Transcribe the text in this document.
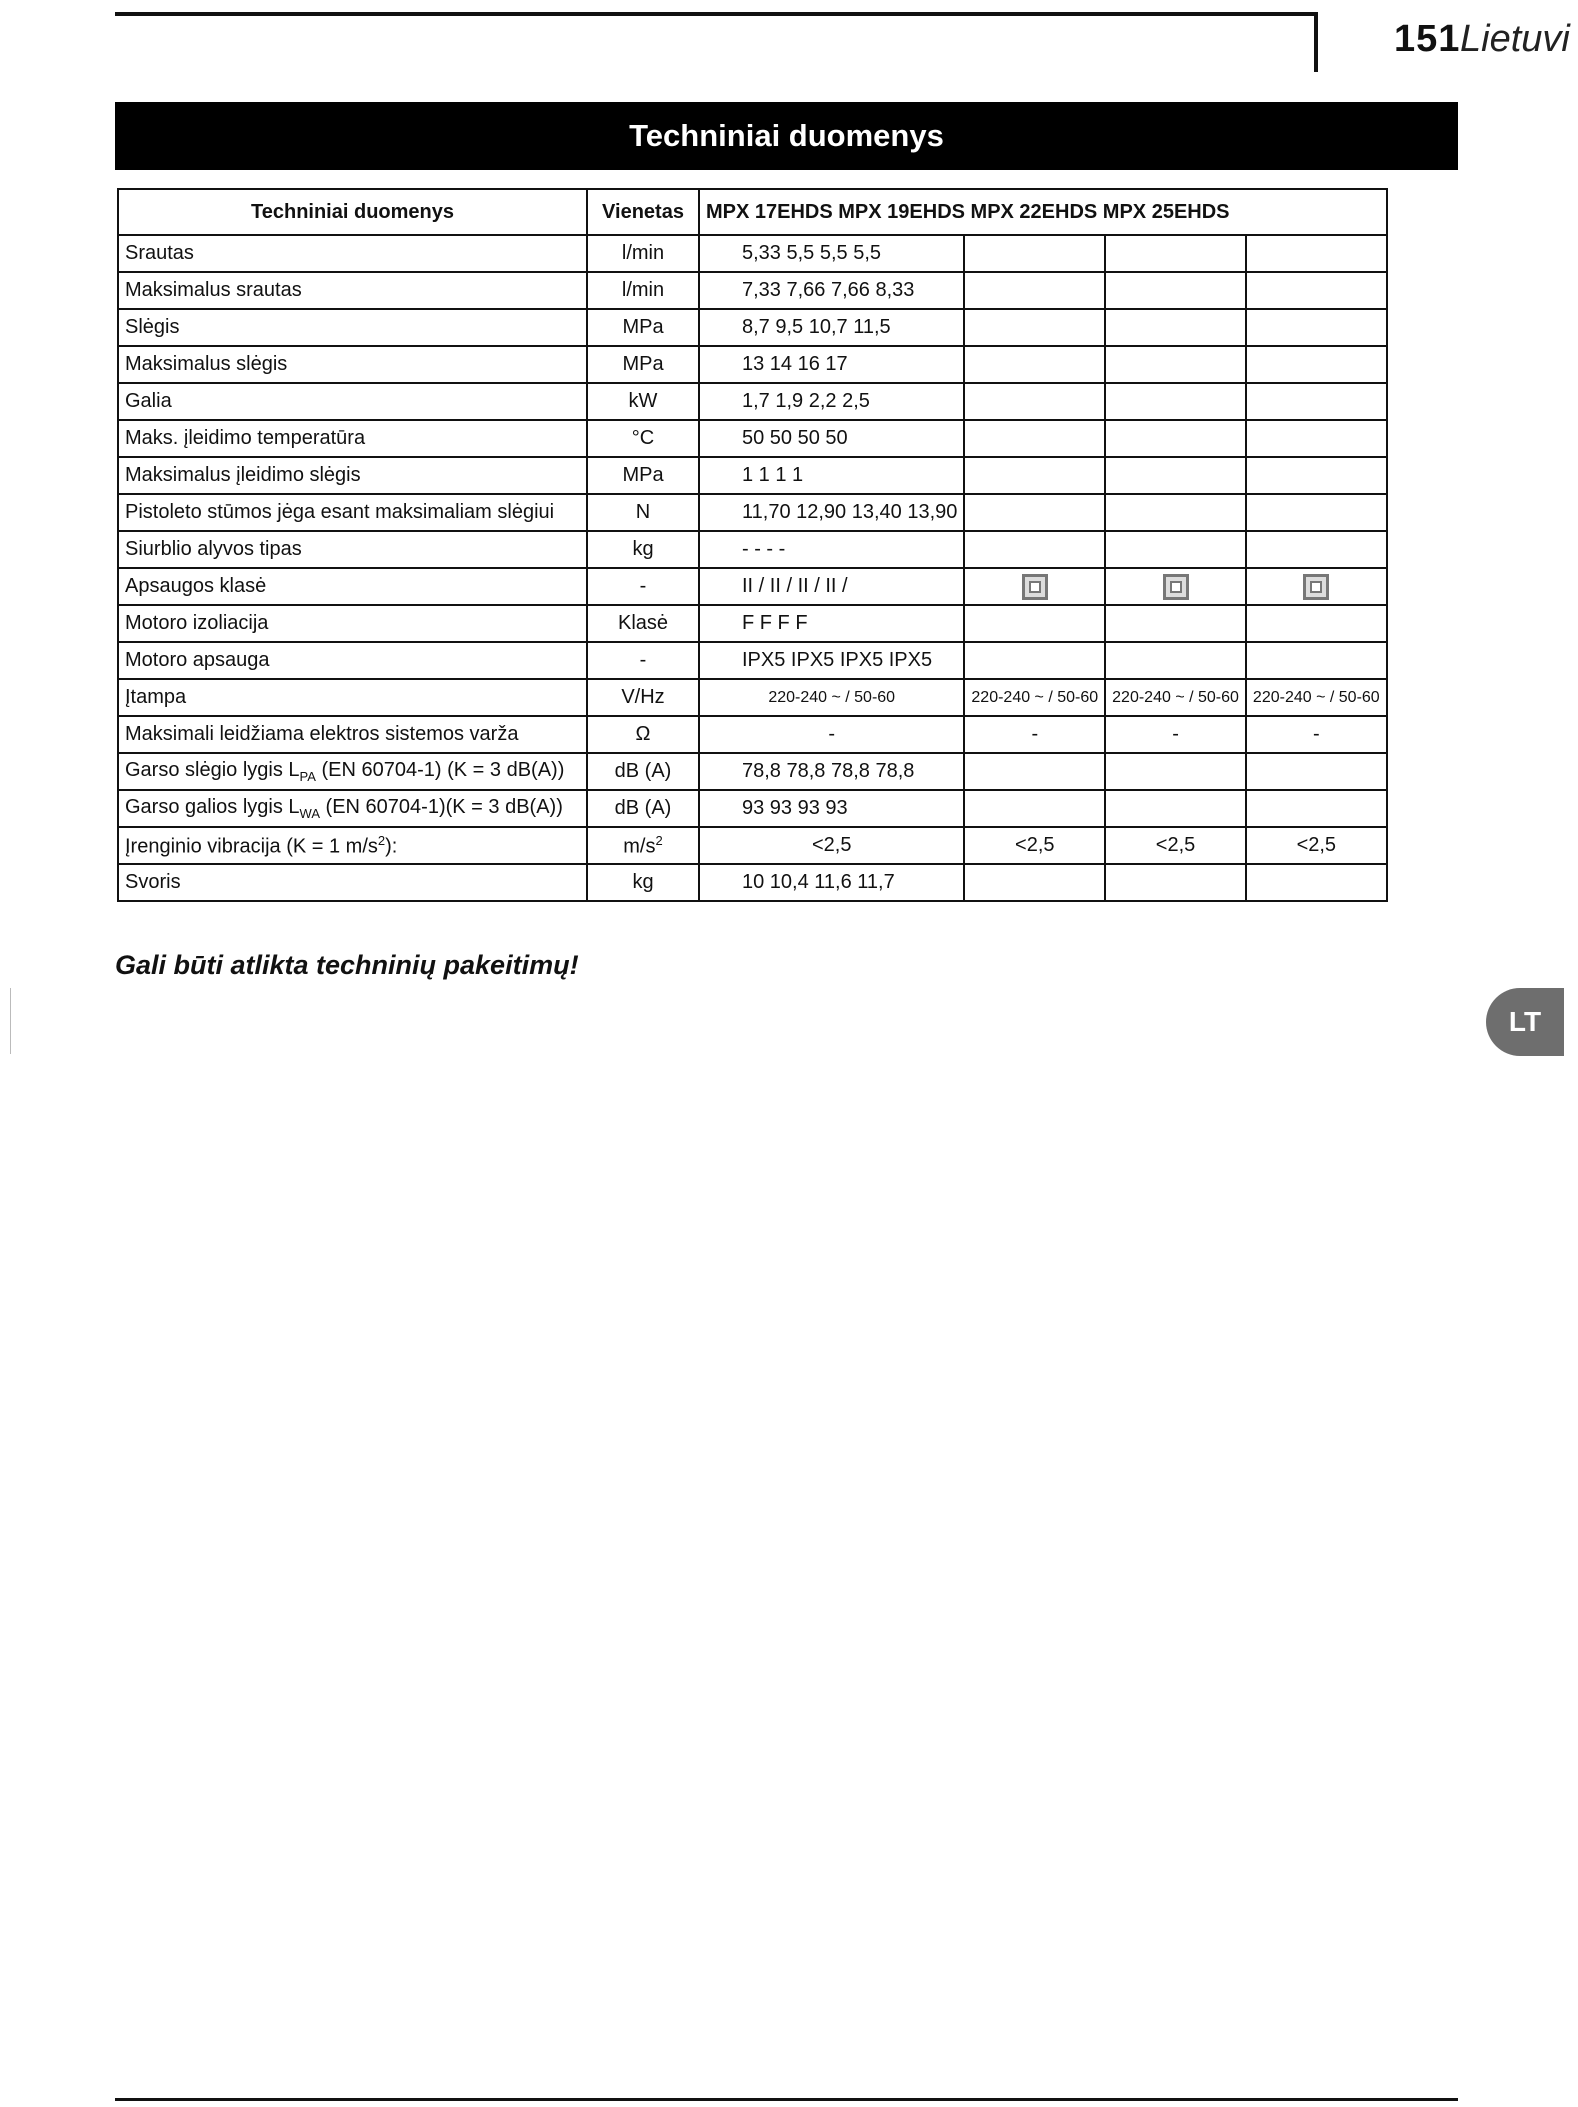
151 Lietuvi
Techniniai duomenys
Techniniai duomenys	Vienetas	MPX 17EHDS MPX 19EHDS MPX 22EHDS MPX 25EHDS			
Srautas	l/min	5,33 5,5 5,5 5,5			
Maksimalus srautas	l/min	7,33 7,66 7,66 8,33			
Slėgis	MPa	8,7 9,5 10,7 11,5			
Maksimalus slėgis	MPa	13 14 16 17			
Galia	kW	1,7 1,9 2,2 2,5			
Maks. įleidimo temperatūra	°C	50 50 50 50			
Maksimalus įleidimo slėgis	MPa	1 1 1 1			
Pistoleto stūmos jėga esant maksimaliam slėgiui	N	11,70 12,90 13,40 13,90			
Siurblio alyvos tipas	kg	- - - -			
Apsaugos klasė	-	II / II / II / II /			
Motoro izoliacija	Klasė	F F F F			
Motoro apsauga	-	IPX5 IPX5 IPX5 IPX5			
Įtampa	V/Hz	220-240 ~ / 50-60	220-240 ~ / 50-60	220-240 ~ / 50-60	220-240 ~ / 50-60
Maksimali leidžiama elektros sistemos varža	Ω	-	-	-	-
Garso slėgio lygis $L_{PA}$ (EN 60704-1) (K = 3 dB(A))	dB (A)	78,8 78,8 78,8 78,8			
Garso galios lygis $L_{WA}$ (EN 60704-1)(K = 3 dB(A))	dB (A)	93 93 93 93			
Įrenginio vibracija (K = 1 $m/s^2$):	$m/s^2$	<2,5	<2,5	<2,5	<2,5
Svoris	kg	10 10,4 11,6 11,7			
Gali būti atlikta techninių pakeitimų!
LT
